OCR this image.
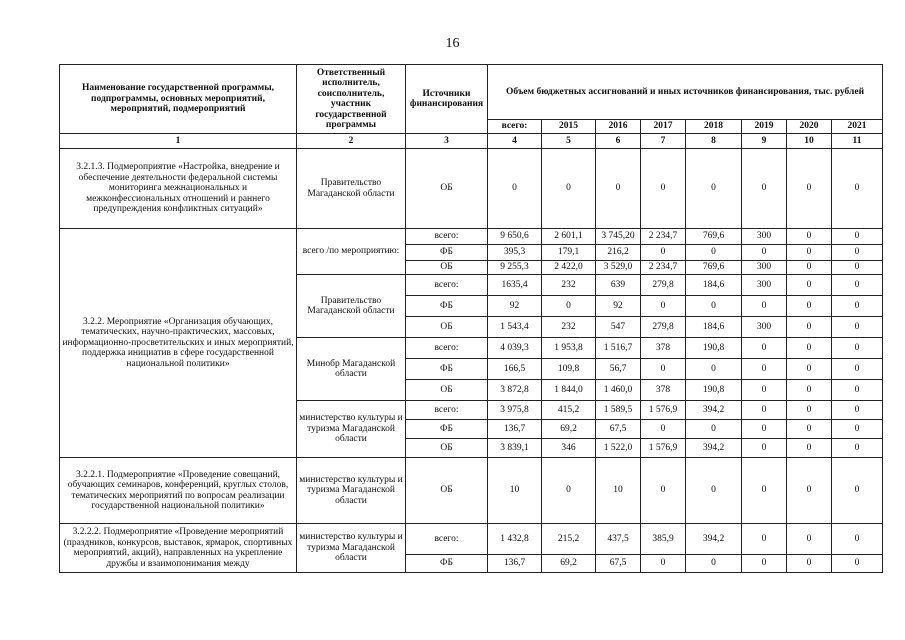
16
Наименование государственной программы, подпрограммы, основных мероприятий, мероприятий, подмероприятий	Ответственный исполнитель, соисполнитель, участник государственной программы	Источники финансирования	Объем бюджетных ассигнований и иных источников финансирования, тыс. рублей							
			всего:	2015	2016	2017	2018	2019	2020	2021
1	2	3	4	5	6	7	8	9	10	11
3.2.1.3. Подмероприятие «Настройка, внедрение и обеспечение деятельности федеральной системы мониторинга межнациональных и межконфессиональных отношений и раннего предупреждения конфликтных ситуаций»	Правительство Магаданской области	ОБ	0	0	0	0	0	0	0	0
3.2.2. Мероприятие «Организация обучающих, тематических, научно-практических, массовых, информационно-просветительских и иных мероприятий, поддержка инициатив в сфере государственной национальной политики»	всего /по мероприятию:	всего:	9 650,6	2 601,1	3 745,20	2 234,7	769,6	300	0	0
		ФБ	395,3	179,1	216,2	0	0	0	0	0
		ОБ	9 255,3	2 422,0	3 529,0	2 234,7	769,6	300	0	0
	Правительство Магаданской области	всего:	1635,4	232	639	279,8	184,6	300	0	0
		ФБ	92	0	92	0	0	0	0	0
		ОБ	1 543,4	232	547	279,8	184,6	300	0	0
	Минобр Магаданской области	всего:	4 039,3	1 953,8	1 516,7	378	190,8	0	0	0
		ФБ	166,5	109,8	56,7	0	0	0	0	0
		ОБ	3 872,8	1 844,0	1 460,0	378	190,8	0	0	0
	министерство культуры и туризма Магаданской области	всего:	3 975,8	415,2	1 589,5	1 576,9	394,2	0	0	0
		ФБ	136,7	69,2	67,5	0	0	0	0	0
		ОБ	3 839,1	346	1 522,0	1 576,9	394,2	0	0	0
3.2.2.1. Подмероприятие «Проведение совещаний, обучающих семинаров, конференций, круглых столов, тематических мероприятий по вопросам реализации государственной национальной политики»	министерство культуры и туризма Магаданской области	ОБ	10	0	10	0	0	0	0	0
3.2.2.2. Подмероприятие «Проведение мероприятий (праздников, конкурсов, выставок, ярмарок, спортивных мероприятий, акций), направленных на укрепление дружбы и взаимопонимания между	министерство культуры и туризма Магаданской области	всего:	1 432,8	215,2	437,5	385,9	394,2	0	0	0
		ФБ	136,7	69,2	67,5	0	0	0	0	0
